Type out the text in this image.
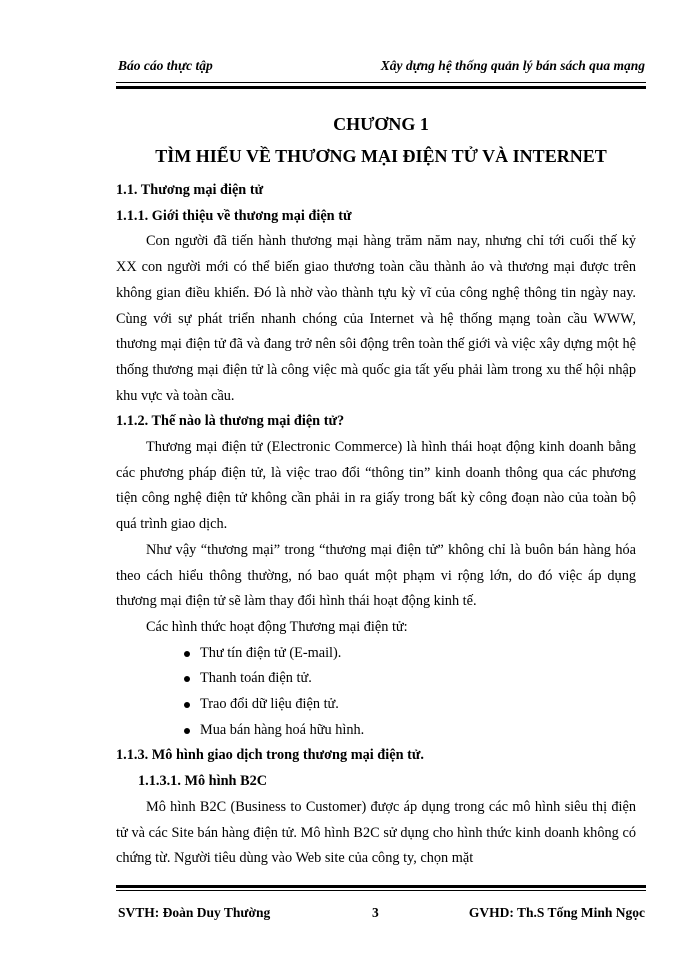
Báo cáo thực tập	Xây dựng hệ thống quản lý bán sách qua mạng
CHƯƠNG 1
TÌM HIỂU VỀ THƯƠNG MẠI ĐIỆN TỬ VÀ INTERNET
1.1. Thương mại điện tử
1.1.1. Giới thiệu về thương mại điện tử

Con người đã tiến hành thương mại hàng trăm năm nay, nhưng chỉ tới cuối thế kỷ XX con người mới có thể biến giao thương toàn cầu thành ảo và thương mại được trên không gian điều khiển. Đó là nhờ vào thành tựu kỳ vĩ của công nghệ thông tin ngày nay. Cùng với sự phát triển nhanh chóng của Internet và hệ thống mạng toàn cầu WWW, thương mại điện tử đã và đang trở nên sôi động trên toàn thế giới và việc xây dựng một hệ thống thương mại điện tử là công việc mà quốc gia tất yếu phải làm trong xu thế hội nhập khu vực và toàn cầu.

1.1.2. Thế nào là thương mại điện tử?

Thương mại điện tử (Electronic Commerce) là hình thái hoạt động kinh doanh bằng các phương pháp điện tử, là việc trao đổi “thông tin” kinh doanh thông qua các phương tiện công nghệ điện tử không cần phải in ra giấy trong bất kỳ công đoạn nào của toàn bộ quá trình giao dịch.

Như vậy “thương mại” trong “thương mại điện tử” không chỉ là buôn bán hàng hóa theo cách hiểu thông thường, nó bao quát một phạm vi rộng lớn, do đó việc áp dụng thương mại điện tử sẽ làm thay đổi hình thái hoạt động kinh tế.

Các hình thức hoạt động Thương mại điện tử:

Thư tín điện tử (E-mail).
Thanh toán điện tử.
Trao đổi dữ liệu điện tử.
Mua bán hàng hoá hữu hình.
1.1.3. Mô hình giao dịch trong thương mại điện tử.
1.1.3.1. Mô hình B2C

Mô hình B2C (Business to Customer) được áp dụng trong các mô hình siêu thị điện tử và các Site bán hàng điện tử. Mô hình B2C sử dụng cho hình thức kinh doanh không có chứng từ. Người tiêu dùng vào Web site của công ty, chọn mặt

SVTH: Đoàn Duy Thường	3	GVHD: Th.S Tống Minh Ngọc
